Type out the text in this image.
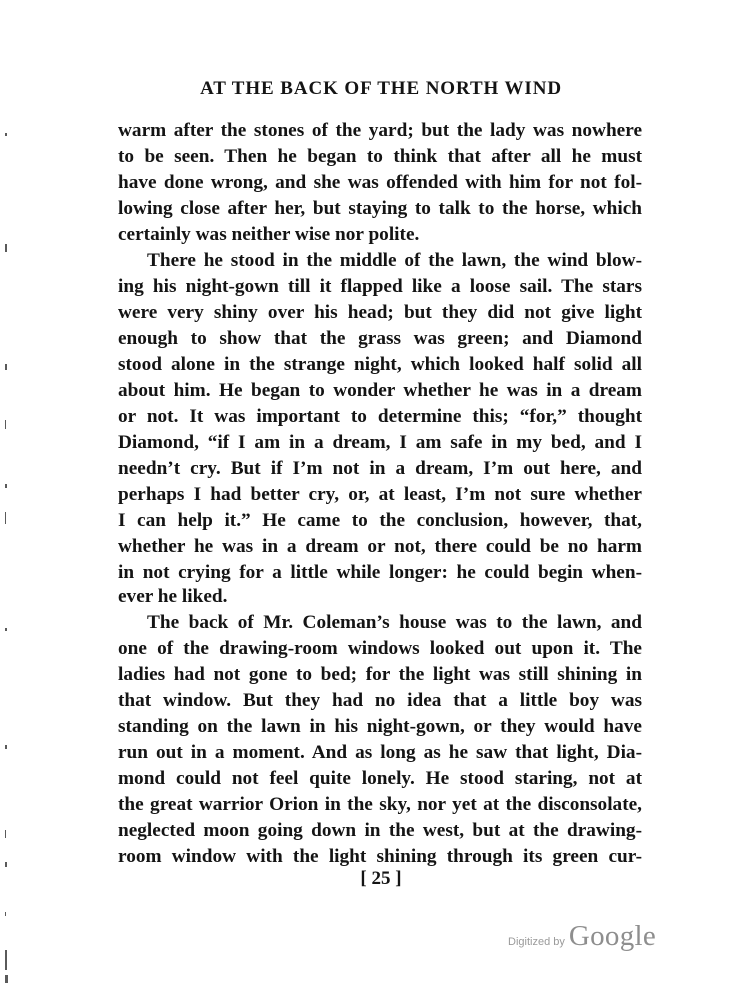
AT THE BACK OF THE NORTH WIND
warm after the stones of the yard; but the lady was nowhere
to be seen. Then he began to think that after all he must
have done wrong, and she was offended with him for not fol-
lowing close after her, but staying to talk to the horse, which
certainly was neither wise nor polite.
There he stood in the middle of the lawn, the wind blow-
ing his night-gown till it flapped like a loose sail. The stars
were very shiny over his head; but they did not give light
enough to show that the grass was green; and Diamond
stood alone in the strange night, which looked half solid all
about him. He began to wonder whether he was in a dream
or not. It was important to determine this; “for,” thought
Diamond, “if I am in a dream, I am safe in my bed, and I
needn’t cry. But if I’m not in a dream, I’m out here, and
perhaps I had better cry, or, at least, I’m not sure whether
I can help it.” He came to the conclusion, however, that,
whether he was in a dream or not, there could be no harm
in not crying for a little while longer: he could begin when-
ever he liked.
The back of Mr. Coleman’s house was to the lawn, and
one of the drawing-room windows looked out upon it. The
ladies had not gone to bed; for the light was still shining in
that window. But they had no idea that a little boy was
standing on the lawn in his night-gown, or they would have
run out in a moment. And as long as he saw that light, Dia-
mond could not feel quite lonely. He stood staring, not at
the great warrior Orion in the sky, nor yet at the disconsolate,
neglected moon going down in the west, but at the drawing-
room window with the light shining through its green cur-
[ 25 ]
Digitized by Google
